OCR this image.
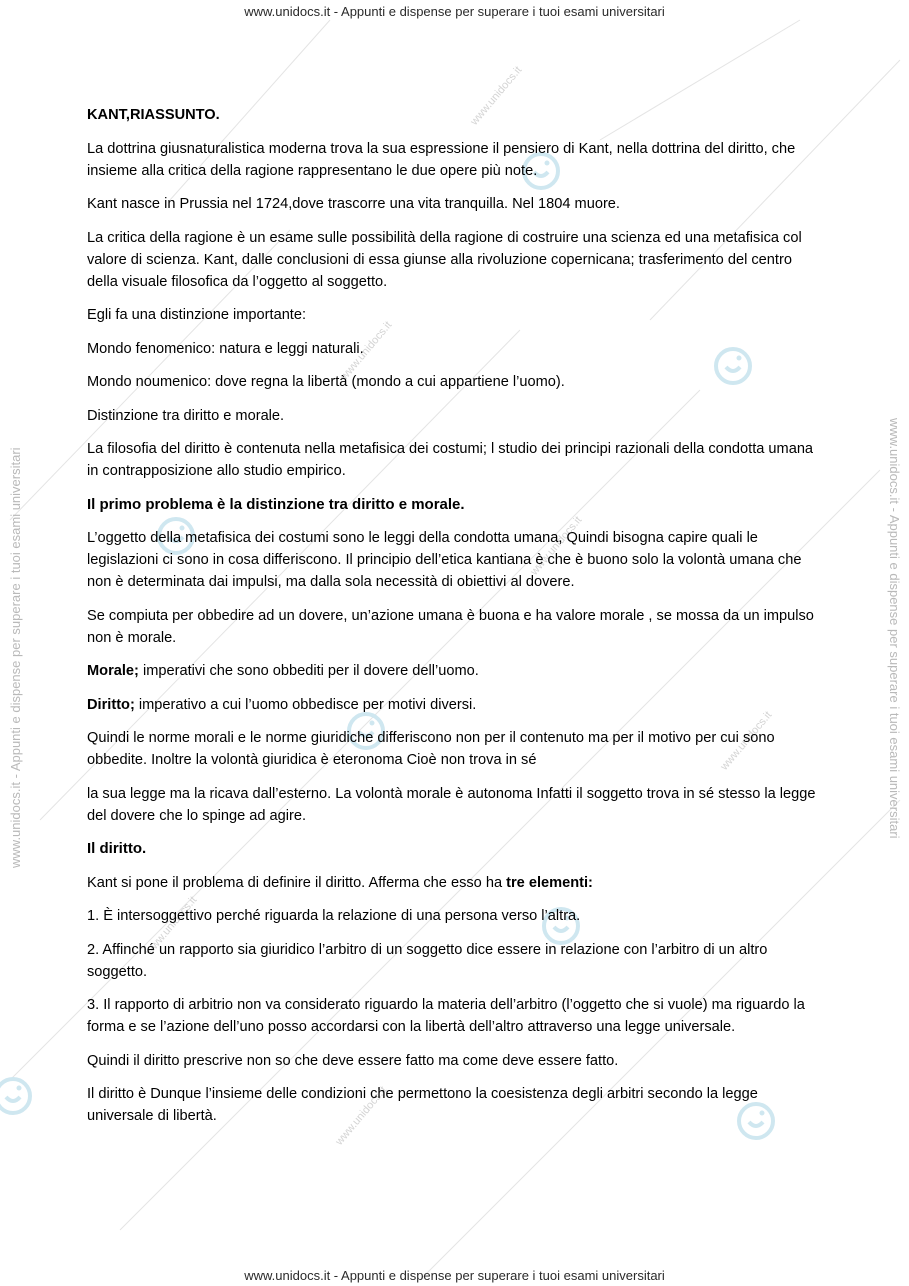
www.unidocs.it
www.unidocs.it
www.unidocs.it
www.unidocs.it
www.unidocs.it
www.unidocs.it
www.unidocs.it - Appunti e dispense per superare i tuoi esami universitari
www.unidocs.it - Appunti e dispense per superare i tuoi esami universitari
www.unidocs.it - Appunti e dispense per superare i tuoi esami universitari	www.unidocs.it - Appunti e dispense per superare i tuoi esami universitari

KANT,RIASSUNTO.

La dottrina giusnaturalistica moderna trova la sua espressione il pensiero di Kant, nella dottrina del diritto, che insieme alla critica della ragione rappresentano le due opere più note.

Kant nasce in Prussia nel 1724,dove trascorre una vita tranquilla. Nel 1804 muore.

La critica della ragione è un esame sulle possibilità della ragione di costruire una scienza ed una metafisica col valore di scienza. Kant, dalle conclusioni di essa giunse alla rivoluzione copernicana; trasferimento del centro della visuale filosofica da l’oggetto al soggetto.

Egli fa una distinzione importante:

Mondo fenomenico: natura e leggi naturali.

Mondo noumenico: dove regna la libertà (mondo a cui appartiene l’uomo).

Distinzione tra diritto e morale.

La filosofia del diritto è contenuta nella metafisica dei costumi; l studio dei principi razionali della condotta umana in contrapposizione allo studio empirico.

Il primo problema è la distinzione tra diritto e morale.

L’oggetto della metafisica dei costumi sono le leggi della condotta umana, Quindi bisogna capire quali le legislazioni ci sono in cosa differiscono. Il principio dell’etica kantiana è che è buono solo la volontà umana che non è determinata dai impulsi, ma dalla sola necessità di obiettivi al dovere.

Se compiuta per obbedire ad un dovere, un’azione umana è buona e ha valore morale , se mossa da un impulso non è morale.

Morale; imperativi che sono obbediti per il dovere dell’uomo.

Diritto; imperativo a cui l’uomo obbedisce per motivi diversi.

Quindi le norme morali e le norme giuridiche differiscono non per il contenuto ma per il motivo per cui sono obbedite. Inoltre la volontà giuridica è eteronoma Cioè non trova in sé

la sua legge ma la ricava dall’esterno. La volontà morale è autonoma Infatti il soggetto trova in sé stesso la legge del dovere che lo spinge ad agire.

Il diritto.

Kant si pone il problema di definire il diritto. Afferma che esso ha tre elementi:

1. È intersoggettivo perché riguarda la relazione di una persona verso l’altra.

2. Affinché un rapporto sia giuridico l’arbitro di un soggetto dice essere in relazione con l’arbitro di un altro soggetto.

3. Il rapporto di arbitrio non va considerato riguardo la materia dell’arbitro (l’oggetto che si vuole) ma riguardo la forma e se l’azione dell’uno posso accordarsi con la libertà dell’altro attraverso una legge universale.

Quindi il diritto prescrive non so che deve essere fatto ma come deve essere fatto.

Il diritto è Dunque l’insieme delle condizioni che permettono la coesistenza degli arbitri secondo la legge universale di libertà.
